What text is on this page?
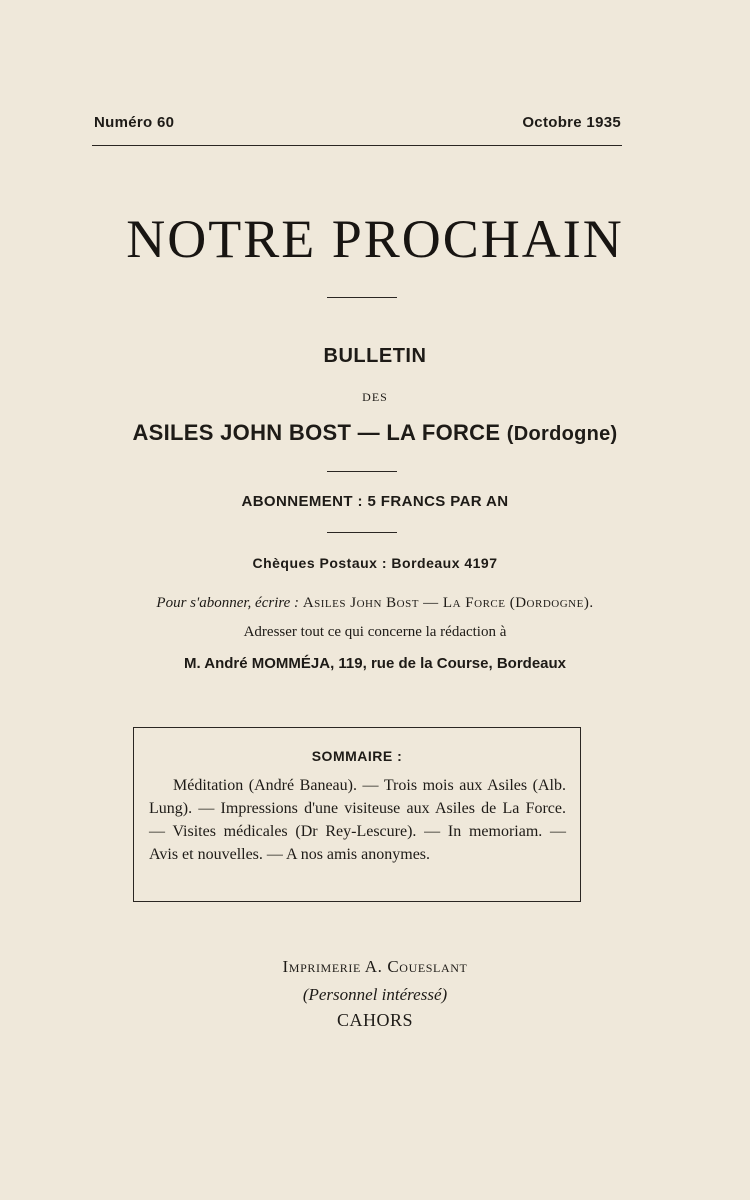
Numéro 60	Octobre 1935
NOTRE PROCHAIN
BULLETIN
DES
ASILES JOHN BOST — LA FORCE (Dordogne)
ABONNEMENT : 5 FRANCS PAR AN
Chèques Postaux : Bordeaux 4197
Pour s'abonner, écrire : Asiles John Bost — La Force (Dordogne).
Adresser tout ce qui concerne la rédaction à
M. André MOMMÉJA, 119, rue de la Course, Bordeaux
SOMMAIRE :
Méditation (André Baneau). — Trois mois aux Asiles (Alb. Lung). — Impressions d'une visiteuse aux Asiles de La Force. — Visites médicales (Dr Rey-Lescure). — In memoriam. — Avis et nouvelles. — A nos amis anonymes.
Imprimerie A. Coueslant
(Personnel intéressé)
CAHORS
